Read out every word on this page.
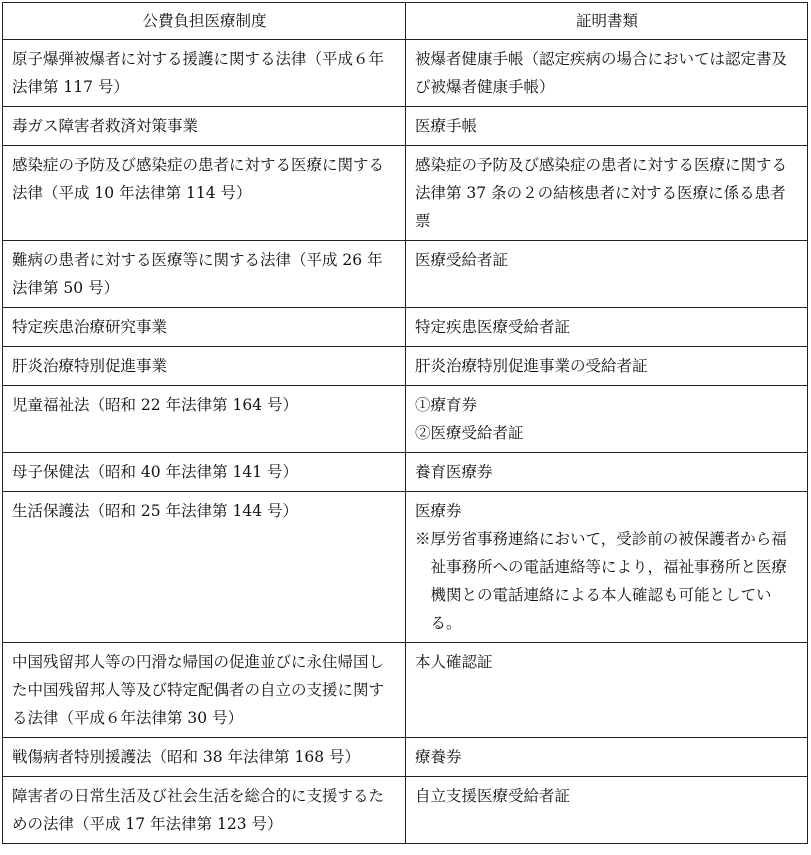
公費負担医療制度	証明書類
原子爆弾被爆者に対する援護に関する法律（平成６年法律第 117 号）	被爆者健康手帳（認定疾病の場合においては認定書及び被爆者健康手帳）

毒ガス障害者救済対策事業	医療手帳

感染症の予防及び感染症の患者に対する医療に関する法律（平成 10 年法律第 114 号）	感染症の予防及び感染症の患者に対する医療に関する法律第 37 条の２の結核患者に対する医療に係る患者票

難病の患者に対する医療等に関する法律（平成 26 年法律第 50 号）	医療受給者証

特定疾患治療研究事業	特定疾患医療受給者証

肝炎治療特別促進事業	肝炎治療特別促進事業の受給者証

児童福祉法（昭和 22 年法律第 164 号）	①療育券
②医療受給者証

母子保健法（昭和 40 年法律第 141 号）	養育医療券

生活保護法（昭和 25 年法律第 144 号）	医療券
※厚労省事務連絡において，受診前の被保護者から福祉事務所への電話連絡等により，福祉事務所と医療機関との電話連絡による本人確認も可能としている。

中国残留邦人等の円滑な帰国の促進並びに永住帰国した中国残留邦人等及び特定配偶者の自立の支援に関する法律（平成６年法律第 30 号）	本人確認証

戦傷病者特別援護法（昭和 38 年法律第 168 号）	療養券

障害者の日常生活及び社会生活を総合的に支援するための法律（平成 17 年法律第 123 号）	自立支援医療受給者証
